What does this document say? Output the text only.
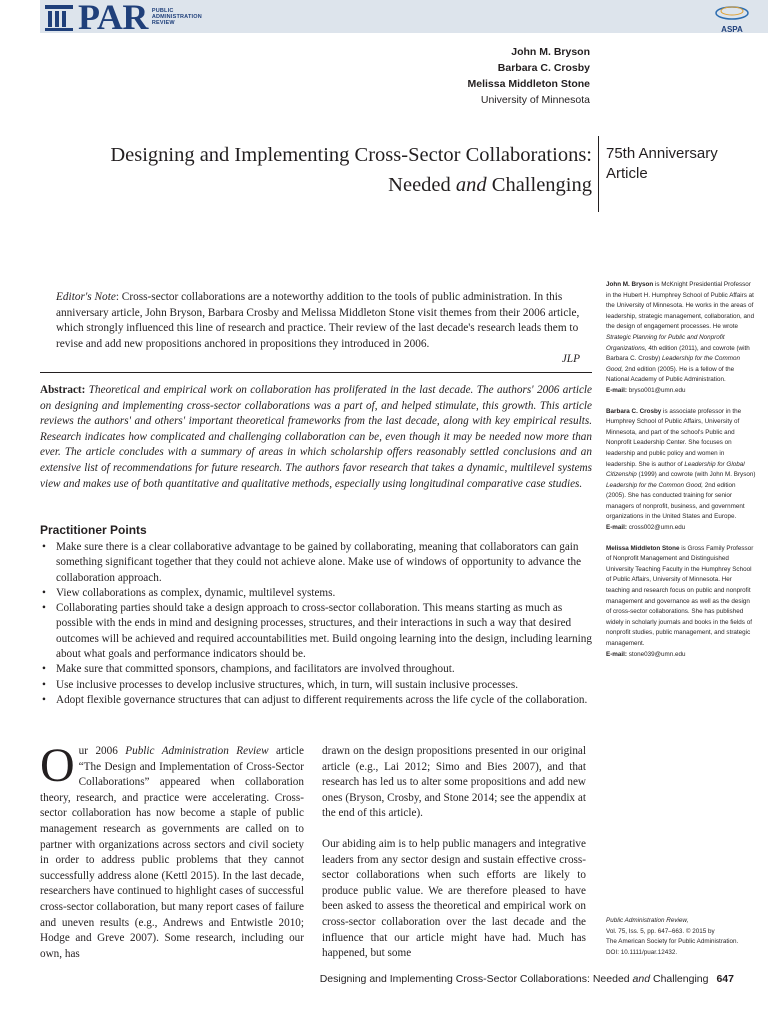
PAR PUBLIC
ADMINISTRATION
REVIEW
ASPA
John M. Bryson
Barbara C. Crosby
Melissa Middleton Stone
University of Minnesota
Designing and Implementing Cross-Sector Collaborations:
Needed and Challenging
75th Anniversary
Article
Editor's Note: Cross-sector collaborations are a noteworthy addition to the tools of public administration. In this anniversary article, John Bryson, Barbara Crosby and Melissa Middleton Stone visit themes from their 2006 article, which strongly influenced this line of research and practice. Their review of the last decade's research leads them to revise and add new propositions anchored in propositions they introduced in 2006.
JLP
Abstract: Theoretical and empirical work on collaboration has proliferated in the last decade. The authors' 2006 article on designing and implementing cross-sector collaborations was a part of, and helped stimulate, this growth. This article reviews the authors' and others' important theoretical frameworks from the last decade, along with key empirical results. Research indicates how complicated and challenging collaboration can be, even though it may be needed now more than ever. The article concludes with a summary of areas in which scholarship offers reasonably settled conclusions and an extensive list of recommendations for future research. The authors favor research that takes a dynamic, multilevel systems view and makes use of both quantitative and qualitative methods, especially using longitudinal comparative case studies.
Practitioner Points
• Make sure there is a clear collaborative advantage to be gained by collaborating, meaning that collaborators can gain something significant together that they could not achieve alone. Make use of windows of opportunity to advance the collaboration approach.
• View collaborations as complex, dynamic, multilevel systems.
• Collaborating parties should take a design approach to cross-sector collaboration. This means starting as much as possible with the ends in mind and designing processes, structures, and their interactions in such a way that desired outcomes will be achieved and required accountabilities met. Build ongoing learning into the design, including learning about what goals and performance indicators should be.
• Make sure that committed sponsors, champions, and facilitators are involved throughout.
• Use inclusive processes to develop inclusive structures, which, in turn, will sustain inclusive processes.
• Adopt flexible governance structures that can adjust to different requirements across the life cycle of the collaboration.

Our 2006 Public Administration Review article “The Design and Implementation of Cross-Sector Collaborations” appeared when collaboration theory, research, and practice were accelerating. Cross-sector collaboration has now become a staple of public management research as governments are called on to partner with organizations across sectors and civil society in order to address public problems that they cannot successfully address alone (Kettl 2015). In the last decade, researchers have continued to highlight cases of successful cross-sector collaboration, but many report cases of failure and uneven results (e.g., Andrews and Entwistle 2010; Hodge and Greve 2007). Some research, including our own, has

drawn on the design propositions presented in our original article (e.g., Lai 2012; Simo and Bies 2007), and that research has led us to alter some propositions and add new ones (Bryson, Crosby, and Stone 2014; see the appendix at the end of this article).

Our abiding aim is to help public managers and integrative leaders from any sector design and sustain effective cross-sector collaborations when such efforts are likely to produce public value. We are therefore pleased to have been asked to assess the theoretical and empirical work on cross-sector collaboration over the last decade and the influence that our article might have had. Much has happened, but some

John M. Bryson is McKnight Presidential Professor in the Hubert H. Humphrey School of Public Affairs at the University of Minnesota. He works in the areas of leadership, strategic management, collaboration, and the design of engagement processes. He wrote Strategic Planning for Public and Nonprofit Organizations, 4th edition (2011), and cowrote (with Barbara C. Crosby) Leadership for the Common Good, 2nd edition (2005). He is a fellow of the National Academy of Public Administration.
E-mail: bryso001@umn.edu
Barbara C. Crosby is associate professor in the Humphrey School of Public Affairs, University of Minnesota, and part of the school's Public and Nonprofit Leadership Center. She focuses on leadership and public policy and women in leadership. She is author of Leadership for Global Citizenship (1999) and cowrote (with John M. Bryson) Leadership for the Common Good, 2nd edition (2005). She has conducted training for senior managers of nonprofit, business, and government organizations in the United States and Europe.
E-mail: cross002@umn.edu
Melissa Middleton Stone is Gross Family Professor of Nonprofit Management and Distinguished University Teaching Faculty in the Humphrey School of Public Affairs, University of Minnesota. Her teaching and research focus on public and nonprofit management and governance as well as the design of cross-sector collaborations. She has published widely in scholarly journals and books in the fields of nonprofit studies, public management, and strategic management.
E-mail: stone039@umn.edu
Public Administration Review,
Vol. 75, Iss. 5, pp. 647–663. © 2015 by
The American Society for Public Administration.
DOI: 10.1111/puar.12432.
Designing and Implementing Cross-Sector Collaborations: Needed and Challenging 647
